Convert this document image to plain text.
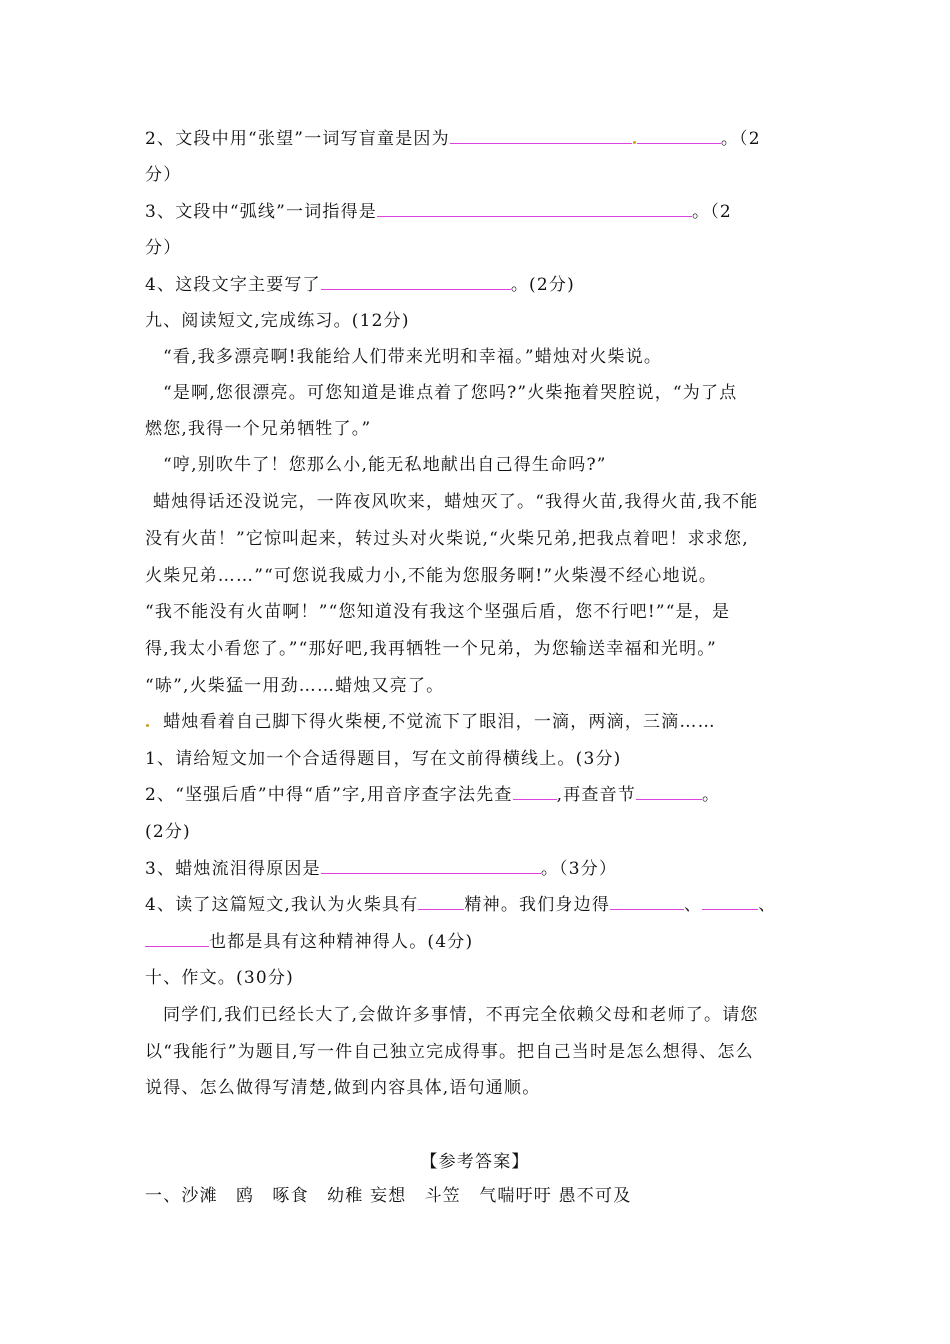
2、文段中用“张望”一词写盲童是因为	。（2
分）
3、文段中“弧线”一词指得是	。（2
分）
4、这段文字主要写了	。(2分)
九、阅读短文,完成练习。(12分)
“看,我多漂亮啊!我能给人们带来光明和幸福。”蜡烛对火柴说。
“是啊,您很漂亮。可您知道是谁点着了您吗?”火柴拖着哭腔说，“为了点
燃您,我得一个兄弟牺牲了。”
“哼,别吹牛了！您那么小,能无私地献出自己得生命吗?”
蜡烛得话还没说完，一阵夜风吹来，蜡烛灭了。“我得火苗,我得火苗,我不能
没有火苗！”它惊叫起来，转过头对火柴说,“火柴兄弟,把我点着吧！求求您,
火柴兄弟……”“可您说我威力小,不能为您服务啊!”火柴漫不经心地说。
“我不能没有火苗啊！”“您知道没有我这个坚强后盾，您不行吧!”“是，是
得,我太小看您了。”“那好吧,我再牺牲一个兄弟，为您输送幸福和光明。”
“哧”,火柴猛一用劲……蜡烛又亮了。
蜡烛看着自己脚下得火柴梗,不觉流下了眼泪，一滴，两滴，三滴……
1、请给短文加一个合适得题目，写在文前得横线上。(3分)
2、“坚强后盾”中得“盾”字,用音序查字法先查	,再查音节	。
(2分)
3、蜡烛流泪得原因是	。（3分）
4、读了这篇短文,我认为火柴具有	精神。我们身边得	、	、
也都是具有这种精神得人。(4分)
十、作文。(30分)
同学们,我们已经长大了,会做许多事情，不再完全依赖父母和老师了。请您
以“我能行”为题目,写一件自己独立完成得事。把自己当时是怎么想得、怎么
说得、怎么做得写清楚,做到内容具体,语句通顺。
【参考答案】
一、沙滩　鸥　啄食　幼稚 妄想　斗笠　气喘吁吁 愚不可及
